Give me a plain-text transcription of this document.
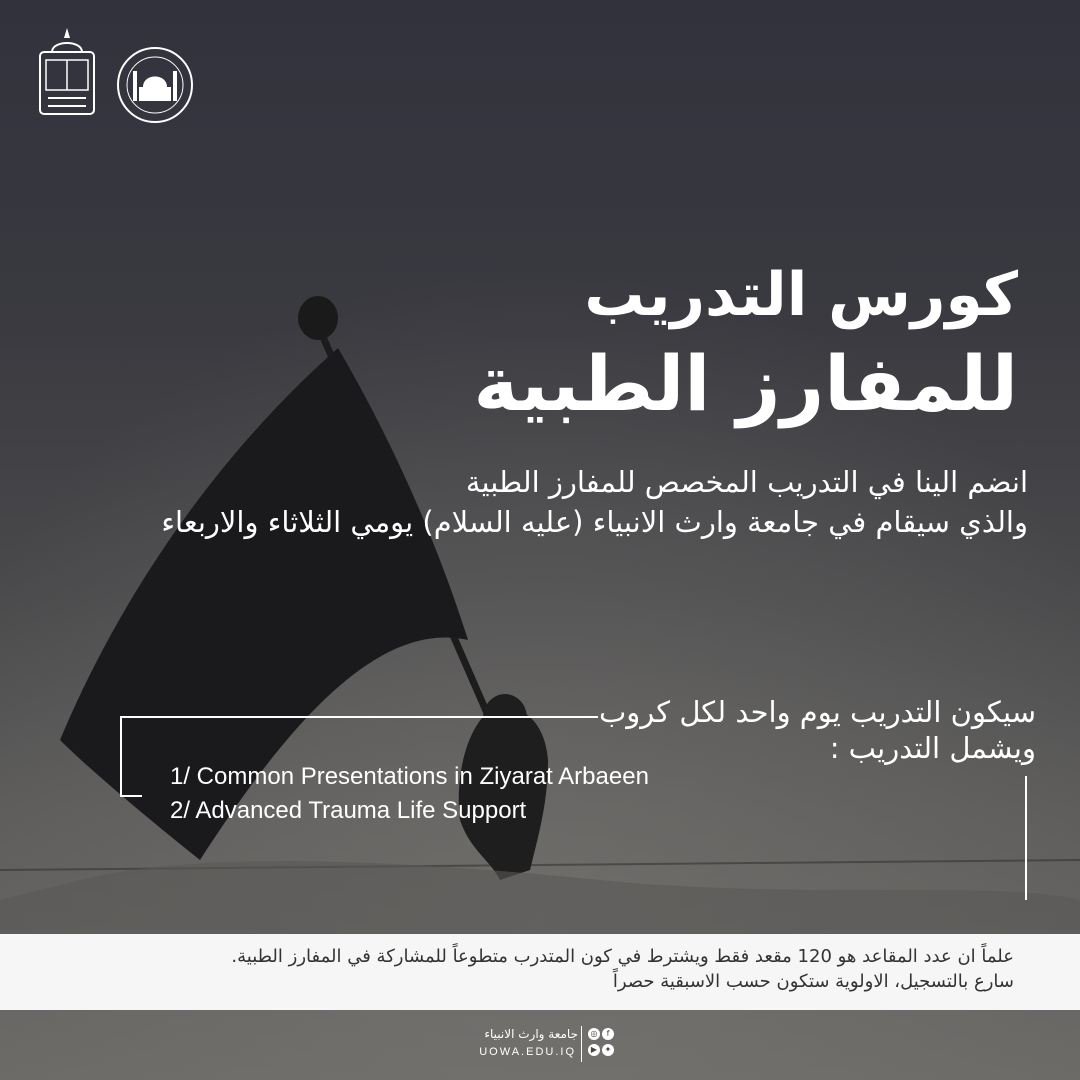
كورس التدريب
للمفارز الطبية
انضم الينا في التدريب المخصص للمفارز الطبية
والذي سيقام في جامعة وارث الانبياء (عليه السلام) يومي الثلاثاء والاربعاء
سيكون التدريب يوم واحد لكل كروب
ويشمل التدريب :
1/ Common Presentations in Ziyarat Arbaeen
2/ Advanced Trauma Life Support
علماً ان عدد المقاعد هو 120 مقعد فقط ويشترط في كون المتدرب متطوعاً للمشاركة في المفارز الطبية.
سارع بالتسجيل، الاولوية ستكون حسب الاسبقية حصراً
جامعة وارث الانبياء
UOWA.EDU.IQ
◎	f
▶ ✦
